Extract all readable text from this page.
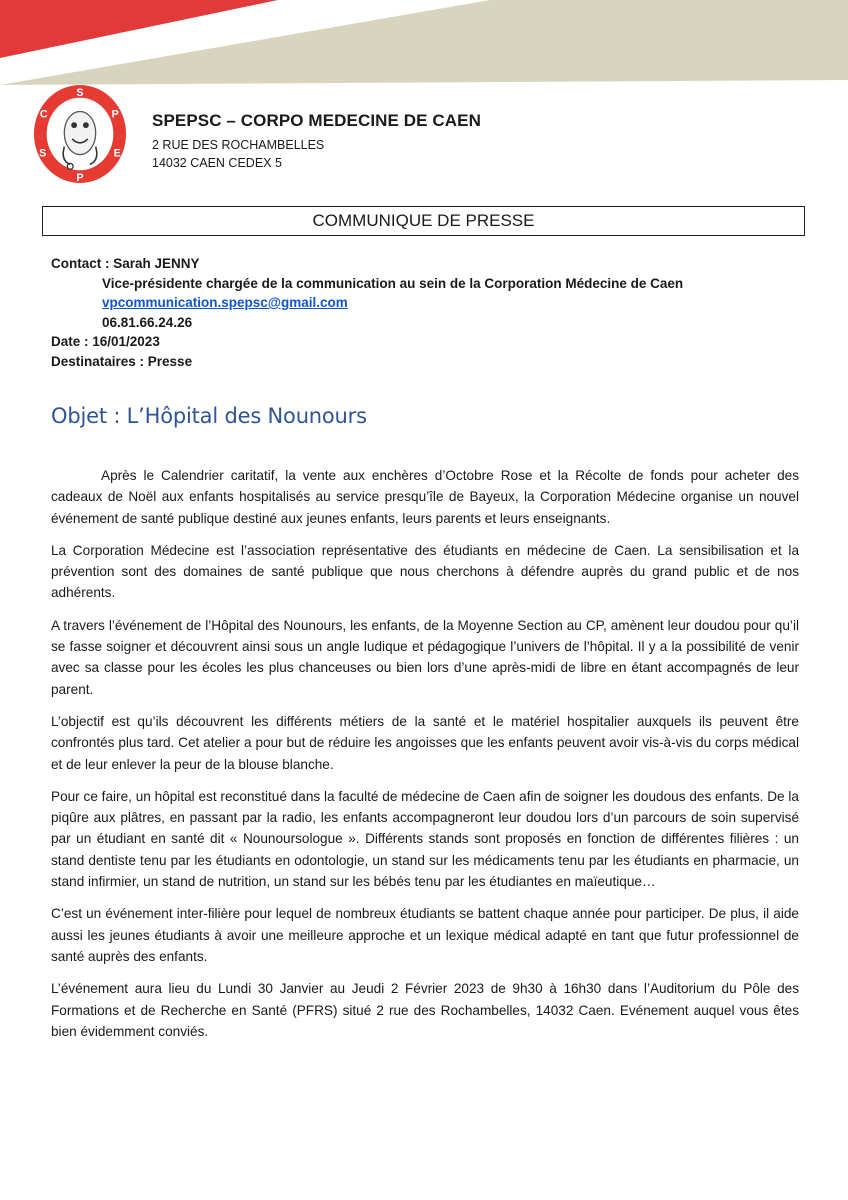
S
P
E
P
S
C	SPEPSC – CORPO MEDECINE DE CAEN
2 RUE DES ROCHAMBELLES
14032 CAEN CEDEX 5
COMMUNIQUE DE PRESSE
Contact : Sarah JENNY
Vice-présidente chargée de la communication au sein de la Corporation Médecine de Caen
vpcommunication.spepsc@gmail.com
06.81.66.24.26
Date : 16/01/2023
Destinataires : Presse
Objet : L’Hôpital des Nounours

Après le Calendrier caritatif, la vente aux enchères d’Octobre Rose et la Récolte de fonds pour acheter des cadeaux de Noël aux enfants hospitalisés au service presqu’île de Bayeux, la Corporation Médecine organise un nouvel événement de santé publique destiné aux jeunes enfants, leurs parents et leurs enseignants.

La Corporation Médecine est l’association représentative des étudiants en médecine de Caen. La sensibilisation et la prévention sont des domaines de santé publique que nous cherchons à défendre auprès du grand public et de nos adhérents.

A travers l’événement de l’Hôpital des Nounours, les enfants, de la Moyenne Section au CP, amènent leur doudou pour qu’il se fasse soigner et découvrent ainsi sous un angle ludique et pédagogique l’univers de l’hôpital. Il y a la possibilité de venir avec sa classe pour les écoles les plus chanceuses ou bien lors d’une après-midi de libre en étant accompagnés de leur parent.

L’objectif est qu’ils découvrent les différents métiers de la santé et le matériel hospitalier auxquels ils peuvent être confrontés plus tard. Cet atelier a pour but de réduire les angoisses que les enfants peuvent avoir vis-à-vis du corps médical et de leur enlever la peur de la blouse blanche.

Pour ce faire, un hôpital est reconstitué dans la faculté de médecine de Caen afin de soigner les doudous des enfants. De la piqûre aux plâtres, en passant par la radio, les enfants accompagneront leur doudou lors d’un parcours de soin supervisé par un étudiant en santé dit « Nounoursologue ». Différents stands sont proposés en fonction de différentes filières : un stand dentiste tenu par les étudiants en odontologie, un stand sur les médicaments tenu par les étudiants en pharmacie, un stand infirmier, un stand de nutrition, un stand sur les bébés tenu par les étudiantes en maïeutique…

C’est un événement inter-filière pour lequel de nombreux étudiants se battent chaque année pour participer. De plus, il aide aussi les jeunes étudiants à avoir une meilleure approche et un lexique médical adapté en tant que futur professionnel de santé auprès des enfants.

L’événement aura lieu du Lundi 30 Janvier au Jeudi 2 Février 2023 de 9h30 à 16h30 dans l’Auditorium du Pôle des Formations et de Recherche en Santé (PFRS) situé 2 rue des Rochambelles, 14032 Caen. Evénement auquel vous êtes bien évidemment conviés.
